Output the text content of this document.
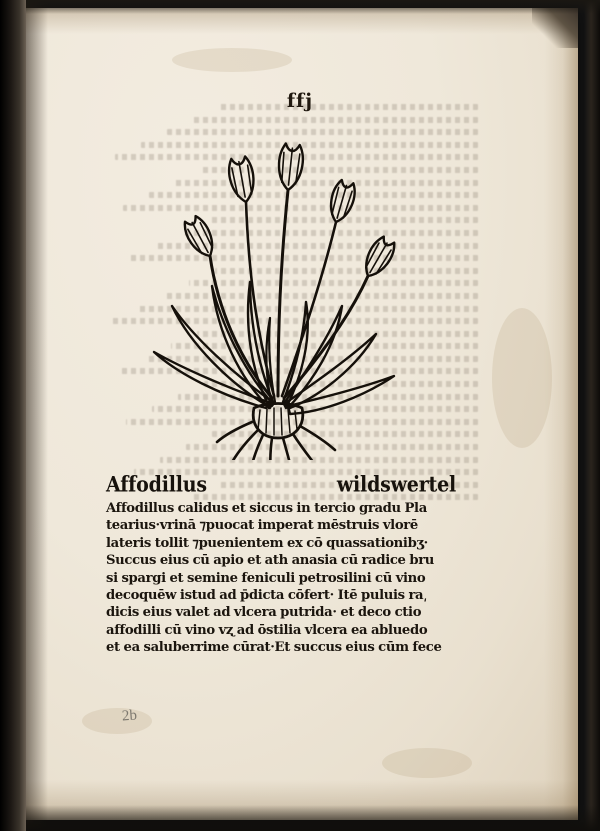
ffj
Affodillus	wildswertel
Affodillus calidus et siccus in tercio gradu Pla
tearius·vrinā ⁊puocat imperat mēstruis vlorē
lateris tollit ⁊puenientem ex cō quassationibʒ·
Succus eius cū apio et ath anasia cū radice bru
si spargi et semine feniculi petrosilini cū vino
decoquēw istud ad p̄dicta cōfert· Itē puluis ra͵
dicis eius valet ad vlcera putrida· et deco ctio
affodilli cū vino vʐ ad ōstilia vlcera ea abluedo
et ea saluberrime cūrat·Et succus eius cūm fece
2b
